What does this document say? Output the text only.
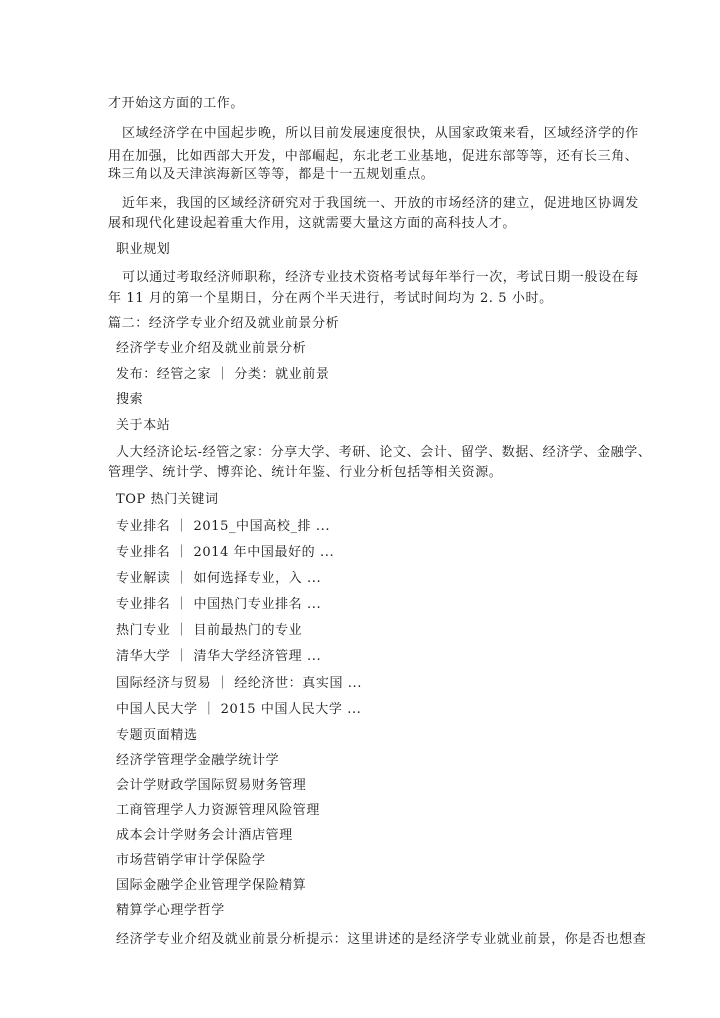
才开始这方面的工作。
区域经济学在中国起步晚，所以目前发展速度很快，从国家政策来看，区域经济学的作
用在加强，比如西部大开发，中部崛起，东北老工业基地，促进东部等等，还有长三角、
珠三角以及天津滨海新区等等，都是十一五规划重点。
近年来，我国的区域经济研究对于我国统一、开放的市场经济的建立，促进地区协调发
展和现代化建设起着重大作用，这就需要大量这方面的高科技人才。
职业规划
可以通过考取经济师职称，经济专业技术资格考试每年举行一次，考试日期一般设在每
年 11 月的第一个星期日，分在两个半天进行，考试时间均为 2. 5 小时。
篇二：经济学专业介绍及就业前景分析
经济学专业介绍及就业前景分析
发布：经管之家 ｜ 分类：就业前景
搜索
关于本站
人大经济论坛-经管之家：分享大学、考研、论文、会计、留学、数据、经济学、金融学、
管理学、统计学、博弈论、统计年鉴、行业分析包括等相关资源。
TOP 热门关键词
专业排名 ｜ 2015_中国高校_排 ...
专业排名 ｜ 2014 年中国最好的 ...
专业解读 ｜ 如何选择专业，入 ...
专业排名 ｜ 中国热门专业排名 ...
热门专业 ｜ 目前最热门的专业
清华大学 ｜ 清华大学经济管理 ...
国际经济与贸易 ｜ 经纶济世：真实国 ...
中国人民大学 ｜ 2015 中国人民大学 ...
专题页面精选
经济学管理学金融学统计学
会计学财政学国际贸易财务管理
工商管理学人力资源管理风险管理
成本会计学财务会计酒店管理
市场营销学审计学保险学
国际金融学企业管理学保险精算
精算学心理学哲学
经济学专业介绍及就业前景分析提示：这里讲述的是经济学专业就业前景，你是否也想查
